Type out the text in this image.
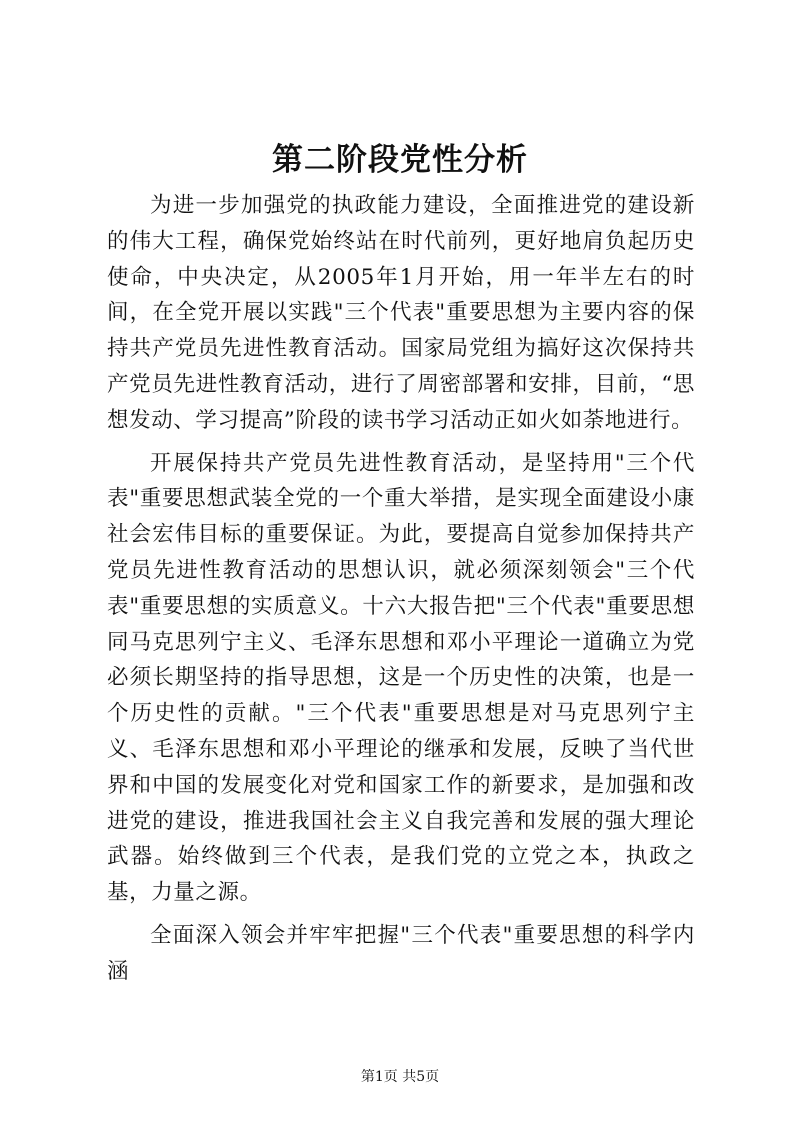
第二阶段党性分析

为进一步加强党的执政能力建设，全面推进党的建设新的伟大工程，确保党始终站在时代前列，更好地肩负起历史使命，中央决定，从2005年1月开始，用一年半左右的时间，在全党开展以实践"三个代表"重要思想为主要内容的保持共产党员先进性教育活动。国家局党组为搞好这次保持共产党员先进性教育活动，进行了周密部署和安排，目前，“思想发动、学习提高”阶段的读书学习活动正如火如荼地进行。

开展保持共产党员先进性教育活动，是坚持用"三个代表"重要思想武装全党的一个重大举措，是实现全面建设小康社会宏伟目标的重要保证。为此，要提高自觉参加保持共产党员先进性教育活动的思想认识，就必须深刻领会"三个代表"重要思想的实质意义。十六大报告把"三个代表"重要思想同马克思列宁主义、毛泽东思想和邓小平理论一道确立为党必须长期坚持的指导思想，这是一个历史性的决策，也是一个历史性的贡献。"三个代表"重要思想是对马克思列宁主义、毛泽东思想和邓小平理论的继承和发展，反映了当代世界和中国的发展变化对党和国家工作的新要求，是加强和改进党的建设，推进我国社会主义自我完善和发展的强大理论武器。始终做到三个代表，是我们党的立党之本，执政之基，力量之源。

全面深入领会并牢牢把握"三个代表"重要思想的科学内涵

第1页 共5页
